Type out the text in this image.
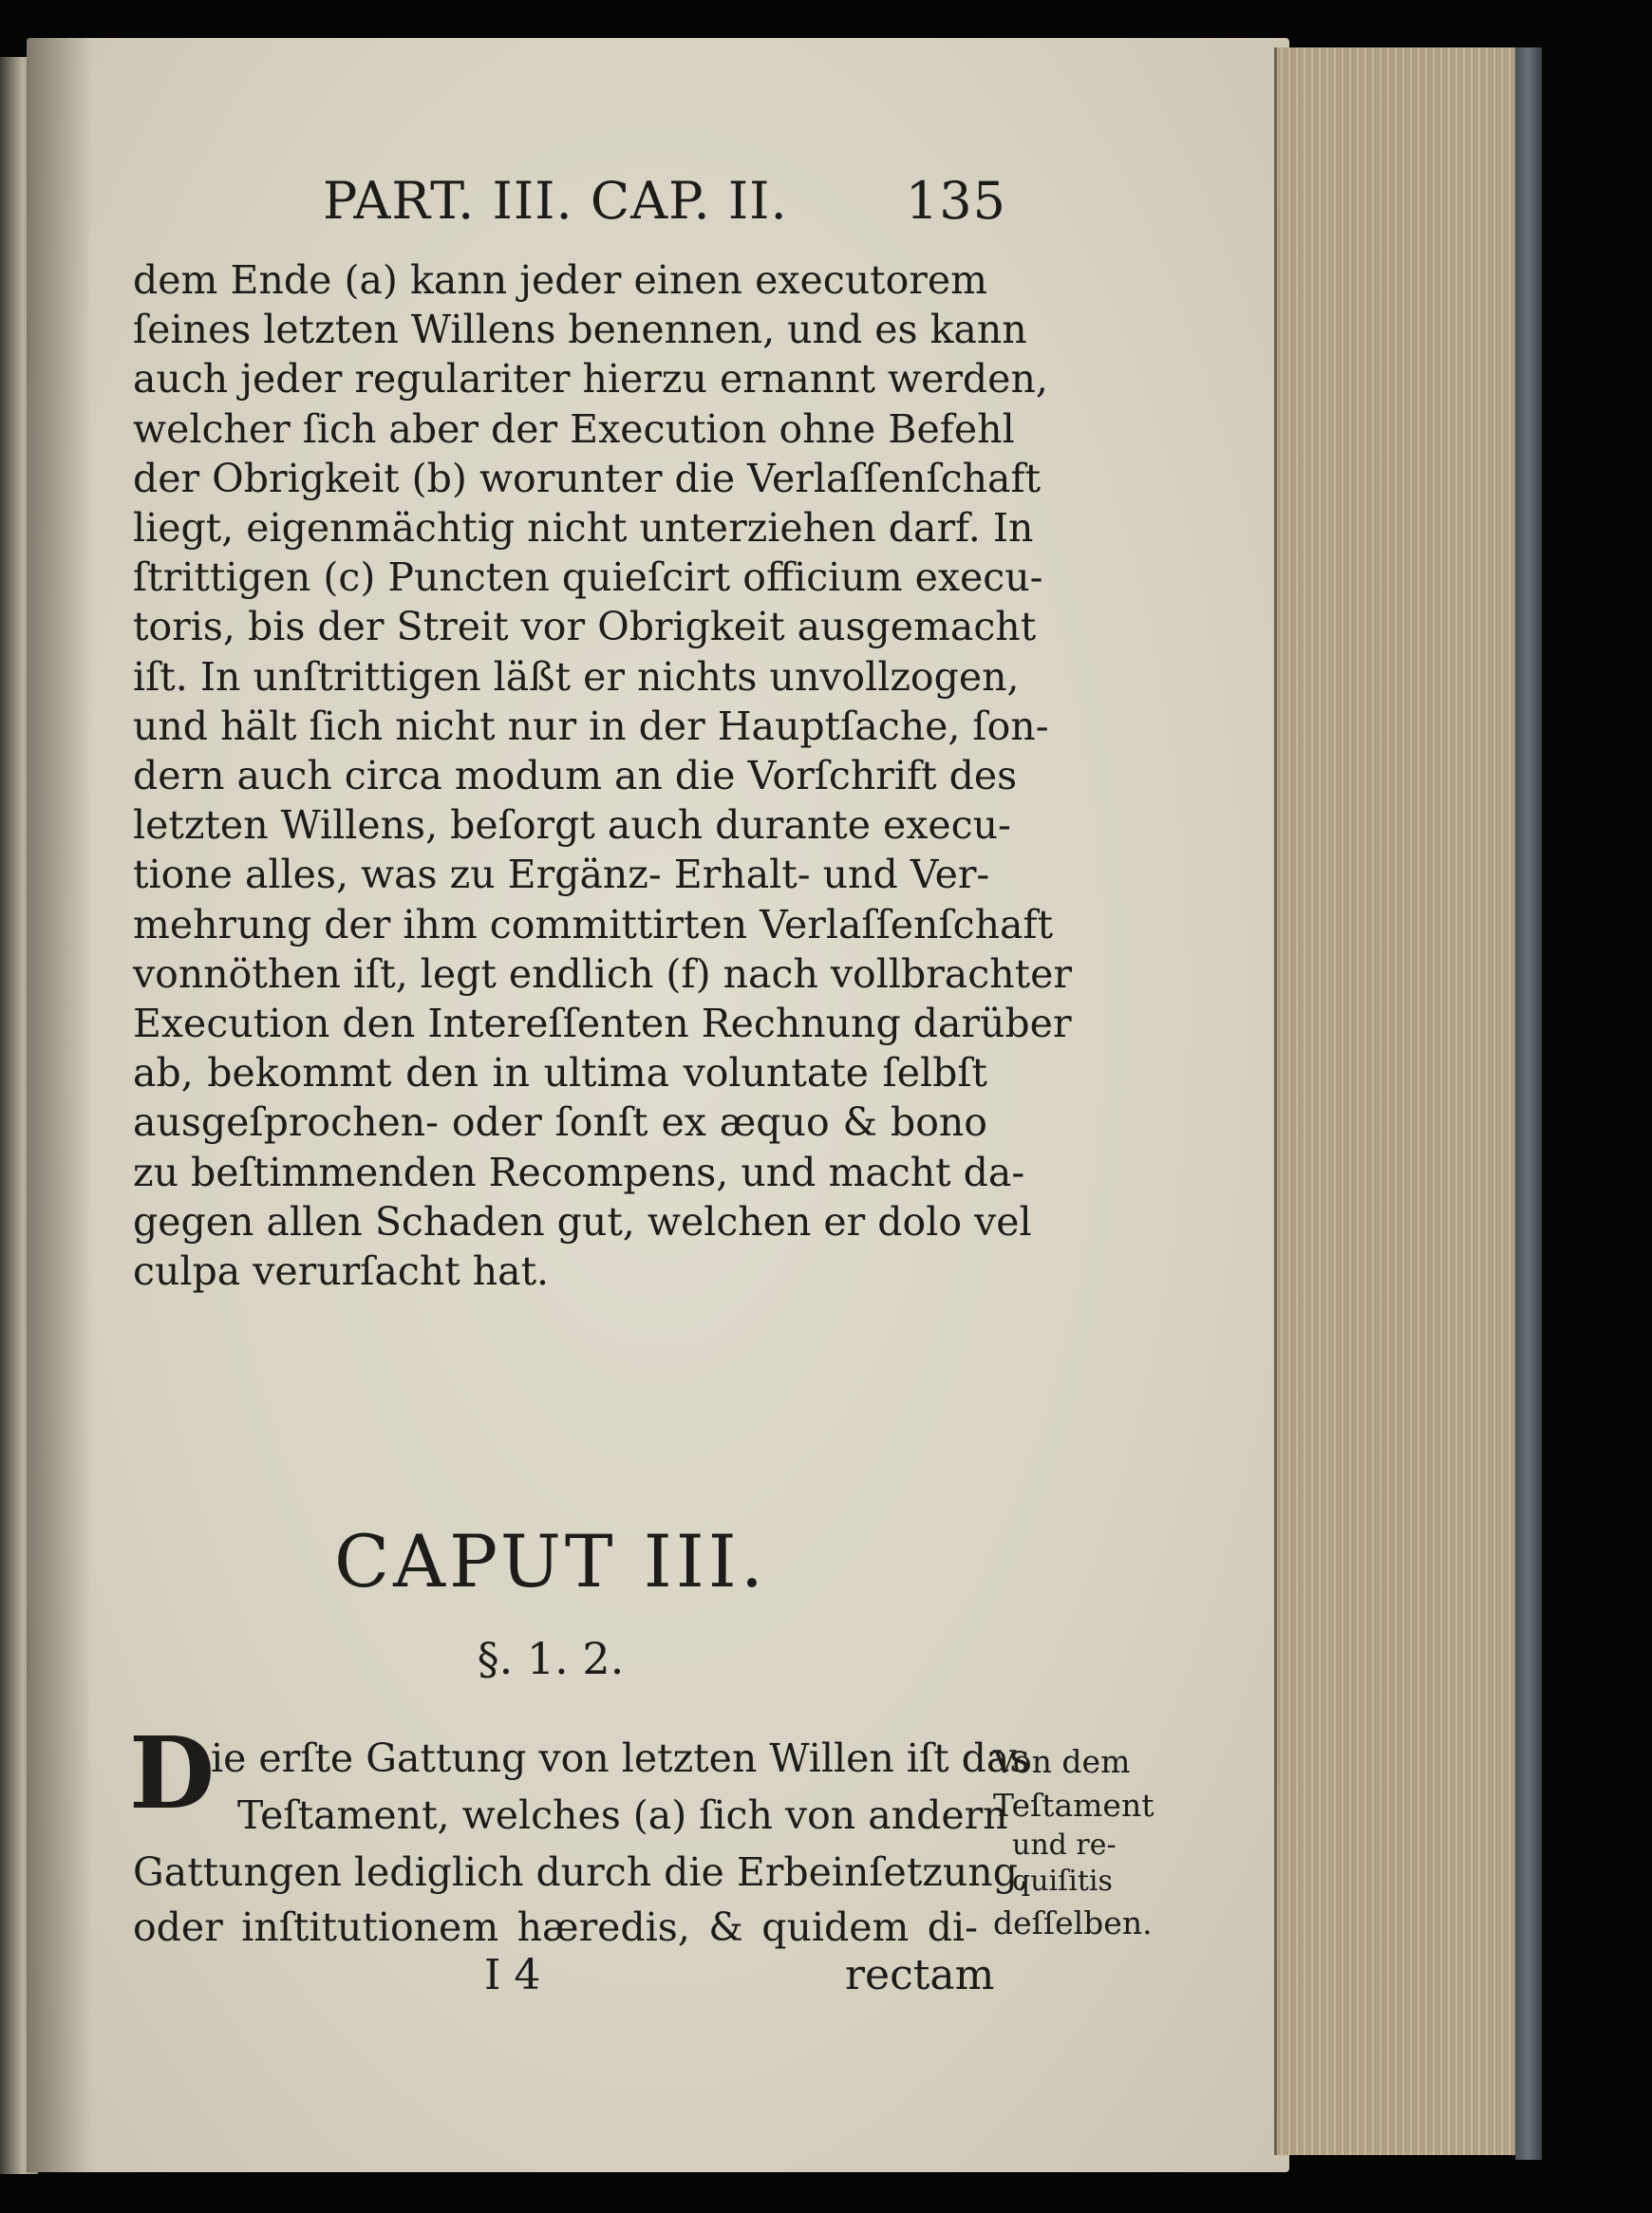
PART. III. CAP. II. 135
dem Ende (a) kann jeder einen executorem
ſeines letzten Willens benennen, und es kann
auch jeder regulariter hierzu ernannt werden,
welcher ſich aber der Execution ohne Befehl
der Obrigkeit (b) worunter die Verlaſſenſchaft
liegt, eigenmächtig nicht unterziehen darf. In
ſtrittigen (c) Puncten quieſcirt officium execu-
toris, bis der Streit vor Obrigkeit ausgemacht
iſt. In unſtrittigen läßt er nichts unvollzogen,
und hält ſich nicht nur in der Hauptſache, ſon-
dern auch circa modum an die Vorſchrift des
letzten Willens, beſorgt auch durante execu-
tione alles, was zu Ergänz- Erhalt- und Ver-
mehrung der ihm committirten Verlaſſenſchaft
vonnöthen iſt, legt endlich (f) nach vollbrachter
Execution den Intereſſenten Rechnung darüber
ab, bekommt den in ultima voluntate ſelbſt
ausgeſprochen- oder ſonſt ex æquo & bono
zu beſtimmenden Recompens, und macht da-
gegen allen Schaden gut, welchen er dolo vel
culpa verurſacht hat.
CAPUT III.
§. 1. 2.
D
ie erſte Gattung von letzten Willen iſt das
Teſtament, welches (a) ſich von andern
Gattungen lediglich durch die Erbeinſetzung,
oder inſtitutionem hæredis, & quidem di-
Von dem
Teſtament
und re-
quiſitis
deſſelben.
I 4	rectam
